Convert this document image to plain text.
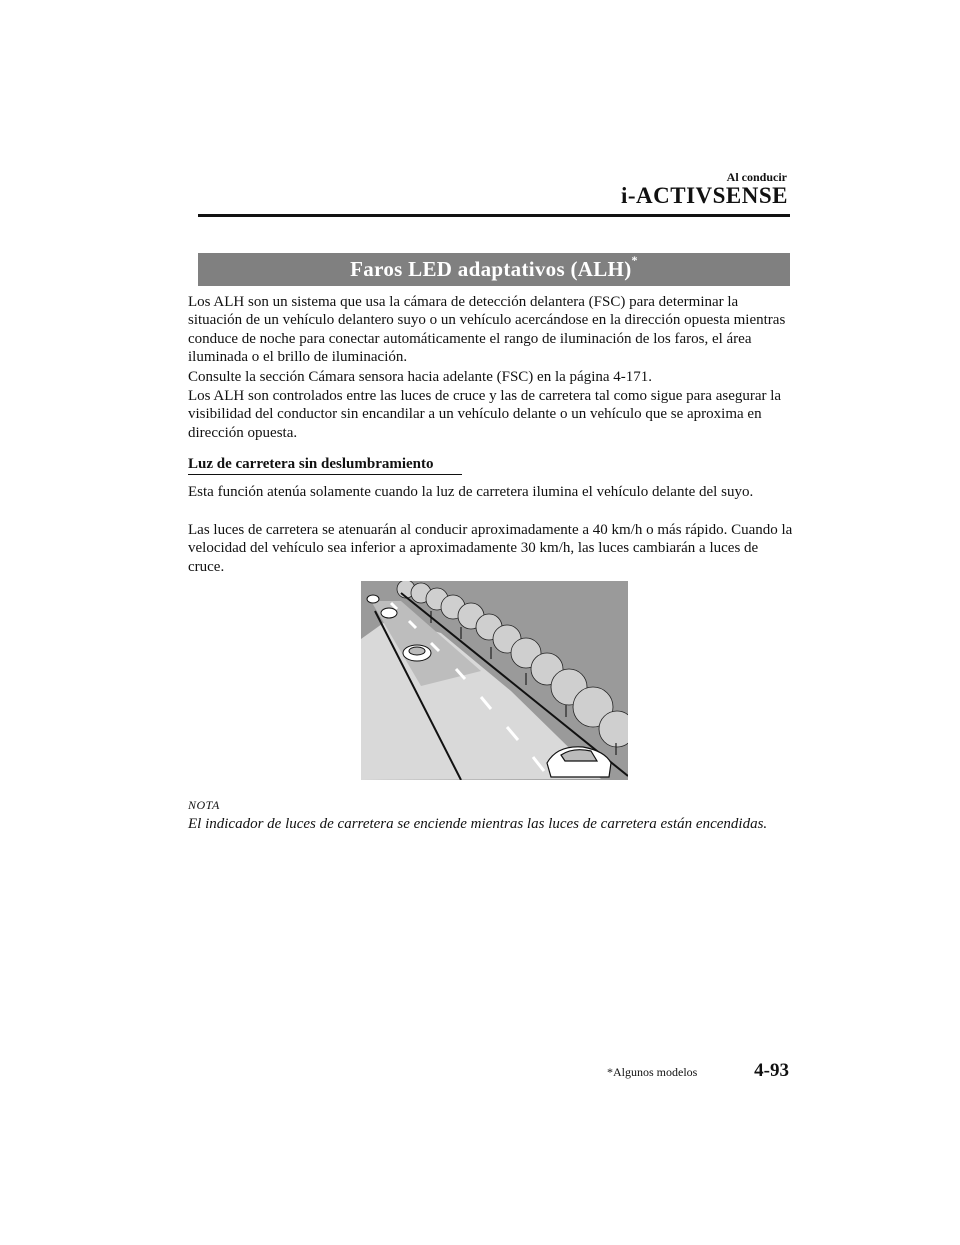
Al conducir
i-ACTIVSENSE
Faros LED adaptativos (ALH)*

Los ALH son un sistema que usa la cámara de detección delantera (FSC) para determinar la situación de un vehículo delantero suyo o un vehículo acercándose en la dirección opuesta mientras conduce de noche para conectar automáticamente el rango de iluminación de los faros, el área iluminada o el brillo de iluminación.

Consulte la sección Cámara sensora hacia adelante (FSC) en la página 4-171.

Los ALH son controlados entre las luces de cruce y las de carretera tal como sigue para asegurar la visibilidad del conductor sin encandilar a un vehículo delante o un vehículo que se aproxima en dirección opuesta.

Luz de carretera sin deslumbramiento

Esta función atenúa solamente cuando la luz de carretera ilumina el vehículo delante del suyo.

Las luces de carretera se atenuarán al conducir aproximadamente a 40 km/h o más rápido. Cuando la velocidad del vehículo sea inferior a aproximadamente 30 km/h, las luces cambiarán a luces de cruce.

NOTA
El indicador de luces de carretera se enciende mientras las luces de carretera están encendidas.
*Algunos modelos	4-93
